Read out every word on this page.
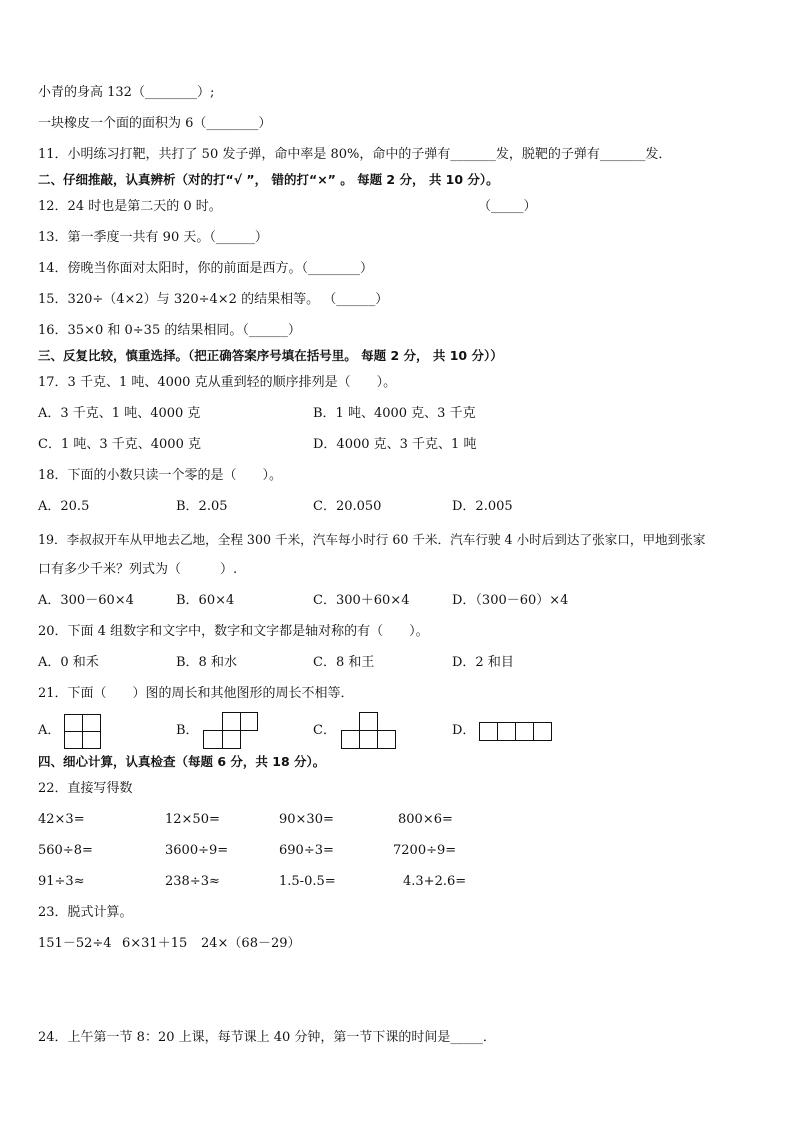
小青的身高 132（________）;
一块橡皮一个面的面积为 6（________）
11．小明练习打靶，共打了 50 发子弹，命中率是 80%，命中的子弹有_______发，脱靶的子弹有_______发．
二、仔细推敲，认真辨析（对的打“√ ”， 错的打“×” 。 每题 2 分， 共 10 分）。
12．24 时也是第二天的 0 时。	（_____）
13．第一季度一共有 90 天。（______）
14．傍晚当你面对太阳时，你的前面是西方。（________）
15．320÷（4×2）与 320÷4×2 的结果相等。 （______）
16．35×0 和 0÷35 的结果相同。（______）
三、反复比较，慎重选择。（把正确答案序号填在括号里。 每题 2 分， 共 10 分））
17．3 千克、1 吨、4000 克从重到轻的顺序排列是（　　）。
A．3 千克、1 吨、4000 克	B．1 吨、4000 克、3 千克
C．1 吨、3 千克、4000 克	D．4000 克、3 千克、1 吨
18．下面的小数只读一个零的是（　　）。
A．20.5	B．2.05	C．20.050	D．2.005
19．李叔叔开车从甲地去乙地，全程 300 千米，汽车每小时行 60 千米．汽车行驶 4 小时后到达了张家口，甲地到张家
口有多少千米？列式为（　　　）.
A．300－60×4	B．60×4	C．300＋60×4	D．（300－60）×4
20．下面 4 组数字和文字中，数字和文字都是轴对称的有（　　）。
A．0 和禾	B．8 和水	C．8 和王	D．2 和目
21．下面（　　）图的周长和其他图形的周长不相等．
A．	B．	C．	D．
四、细心计算，认真检查（每题 6 分，共 18 分）。
22．直接写得数
42×3=	12×50=	90×30=	800×6=
560÷8=	3600÷9=	690÷3=	7200÷9=
91÷3≈	238÷3≈	1.5-0.5=	4.3+2.6=
23．脱式计算。
151－52÷4 6×31＋15 24×（68－29）
24．上午第一节 8：20 上课，每节课上 40 分钟，第一节下课的时间是_____．
